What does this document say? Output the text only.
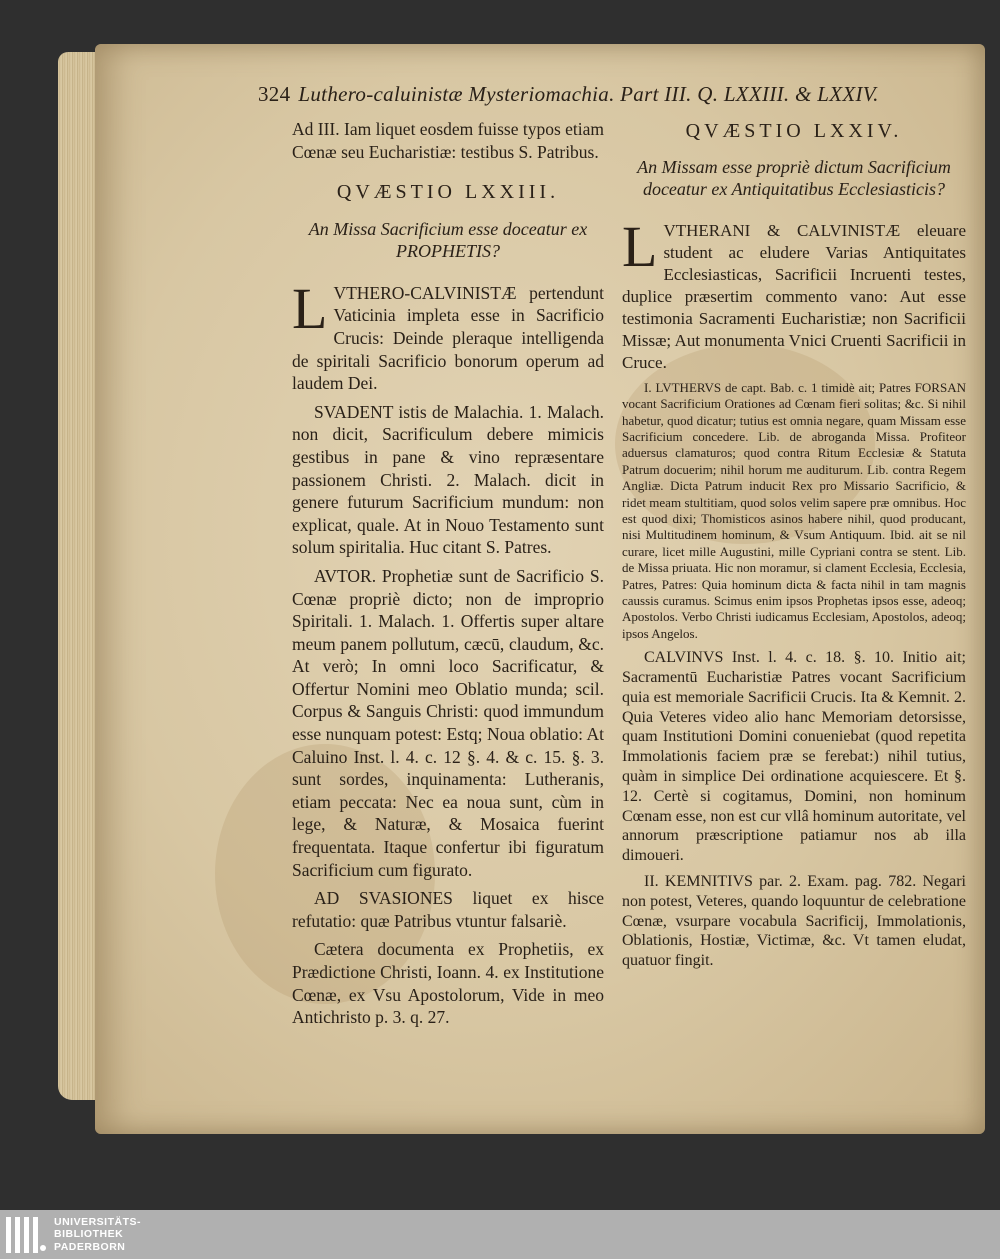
324 Luthero-caluinistæ Mysteriomachia. Part III. Q. LXXIII. & LXXIV.

Ad III. Iam liquet eosdem fuisse typos etiam Cœnæ seu Eucharistiæ: testibus S. Patribus.

QVÆSTIO LXXIII.
An Missa Sacrificium esse doceatur ex PROPHETIS?

L VTHERO-CALVINISTÆ pertendunt Vaticinia impleta esse in Sacrificio Crucis: Deinde pleraque intelligenda de spiritali Sacrificio bonorum operum ad laudem Dei.

SVADENT istis de Malachia. 1. Malach. non dicit, Sacrificulum debere mimicis gestibus in pane & vino repræsentare passionem Christi. 2. Malach. dicit in genere futurum Sacrificium mundum: non explicat, quale. At in Nouo Testamento sunt solum spiritalia. Huc citant S. Patres.

AVTOR. Prophetiæ sunt de Sacrificio S. Cœnæ propriè dicto; non de improprio Spiritali. 1. Malach. 1. Offertis super altare meum panem pollutum, cæcū, claudum, &c. At verò; In omni loco Sacrificatur, & Offertur Nomini meo Oblatio munda; scil. Corpus & Sanguis Christi: quod immundum esse nunquam potest: Estq; Noua oblatio: At Caluino Inst. l. 4. c. 12 §. 4. & c. 15. §. 3. sunt sordes, inquinamenta: Lutheranis, etiam peccata: Nec ea noua sunt, cùm in lege, & Naturæ, & Mosaica fuerint frequentata. Itaque confertur ibi figuratum Sacrificium cum figurato.

AD SVASIONES liquet ex hisce refutatio: quæ Patribus vtuntur falsariè.

Cætera documenta ex Prophetiis, ex Prædictione Christi, Ioann. 4. ex Institutione Cœnæ, ex Vsu Apostolorum, Vide in meo Antichristo p. 3. q. 27.

QVÆSTIO LXXIV.
An Missam esse propriè dictum Sacrificium doceatur ex Antiquitatibus Ecclesiasticis?

L VTHERANI & CALVINISTÆ eleuare student ac eludere Varias Antiquitates Ecclesiasticas, Sacrificii Incruenti testes, duplice præsertim commento vano: Aut esse testimonia Sacramenti Eucharistiæ; non Sacrificii Missæ; Aut monumenta Vnici Cruenti Sacrificii in Cruce.

I. LVTHERVS de capt. Bab. c. 1 timidè ait; Patres FORSAN vocant Sacrificium Orationes ad Cœnam fieri solitas; &c. Si nihil habetur, quod dicatur; tutius est omnia negare, quam Missam esse Sacrificium concedere. Lib. de abroganda Missa. Profiteor aduersus clamaturos; quod contra Ritum Ecclesiæ & Statuta Patrum docuerim; nihil horum me auditurum. Lib. contra Regem Angliæ. Dicta Patrum inducit Rex pro Missario Sacrificio, & ridet meam stultitiam, quod solos velim sapere præ omnibus. Hoc est quod dixi; Thomisticos asinos habere nihil, quod producant, nisi Multitudinem hominum, & Vsum Antiquum. Ibid. ait se nil curare, licet mille Augustini, mille Cypriani contra se stent. Lib. de Missa priuata. Hic non moramur, si clament Ecclesia, Ecclesia, Patres, Patres: Quia hominum dicta & facta nihil in tam magnis caussis curamus. Scimus enim ipsos Prophetas ipsos esse, adeoq; Apostolos. Verbo Christi iudicamus Ecclesiam, Apostolos, adeoq; ipsos Angelos.

CALVINVS Inst. l. 4. c. 18. §. 10. Initio ait; Sacramentū Eucharistiæ Patres vocant Sacrificium quia est memoriale Sacrificii Crucis. Ita & Kemnit. 2. Quia Veteres video alio hanc Memoriam detorsisse, quam Institutioni Domini conueniebat (quod repetita Immolationis faciem præ se ferebat:) nihil tutius, quàm in simplice Dei ordinatione acquiescere. Et §. 12. Certè si cogitamus, Domini, non hominum Cœnam esse, non est cur vllâ hominum autoritate, vel annorum præscriptione patiamur nos ab illa dimoueri.

II. KEMNITIVS par. 2. Exam. pag. 782. Negari non potest, Veteres, quando loquuntur de celebratione Cœnæ, vsurpare vocabula Sacrificij, Immolationis, Oblationis, Hostiæ, Victimæ, &c. Vt tamen eludat, quatuor fingit.

UNIVERSITÄTS-
BIBLIOTHEK
PADERBORN
